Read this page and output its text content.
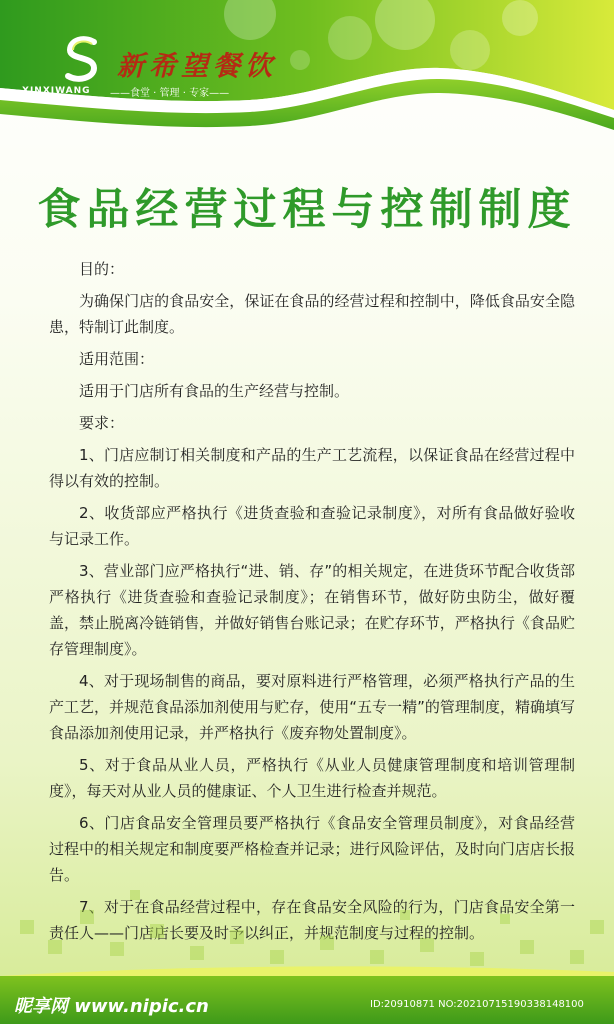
XINXIWANG
新希望餐饮
——食堂 · 管理 · 专家——
食品经营过程与控制制度

目的：

为确保门店的食品安全，保证在食品的经营过程和控制中，降低食品安全隐患，特制订此制度。

适用范围：

适用于门店所有食品的生产经营与控制。

要求：

1、门店应制订相关制度和产品的生产工艺流程，以保证食品在经营过程中得以有效的控制。

2、收货部应严格执行《进货查验和查验记录制度》，对所有食品做好验收与记录工作。

3、营业部门应严格执行“进、销、存”的相关规定，在进货环节配合收货部严格执行《进货查验和查验记录制度》；在销售环节，做好防虫防尘，做好覆盖，禁止脱离冷链销售，并做好销售台账记录；在贮存环节，严格执行《食品贮存管理制度》。

4、对于现场制售的商品，要对原料进行严格管理，必须严格执行产品的生产工艺，并规范食品添加剂使用与贮存，使用“五专一精”的管理制度，精确填写食品添加剂使用记录，并严格执行《废弃物处置制度》。

5、对于食品从业人员，严格执行《从业人员健康管理制度和培训管理制度》，每天对从业人员的健康证、个人卫生进行检查并规范。

6、门店食品安全管理员要严格执行《食品安全管理员制度》，对食品经营过程中的相关规定和制度要严格检查并记录；进行风险评估，及时向门店店长报告。

7、对于在食品经营过程中，存在食品安全风险的行为，门店食品安全第一责任人——门店店长要及时予以纠正，并规范制度与过程的控制。

昵享网 www.nipic.cn	ID:20910871 NO:20210715190338148100
